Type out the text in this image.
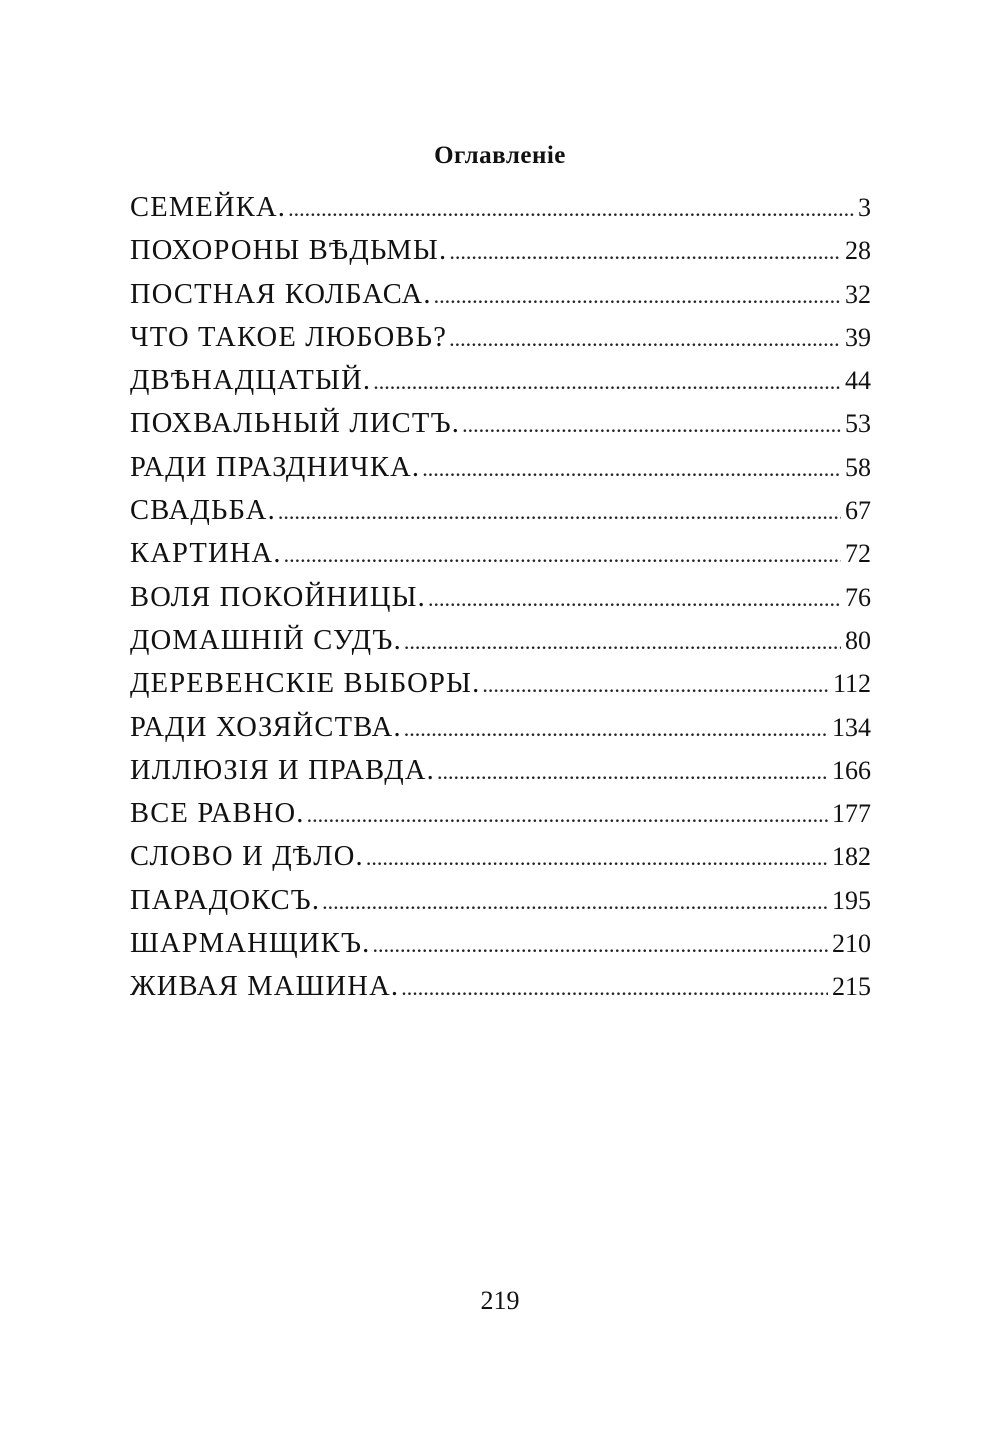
Оглавленiе
СЕМЕЙКА. .....	3
ПОХОРОНЫ ВѢДЬМЫ. .....	28
ПОСТНАЯ КОЛБАСА. .....	32
ЧТО ТАКОЕ ЛЮБОВЬ? .....	39
ДВѢНАДЦАТЫЙ. .....	44
ПОХВАЛЬНЫЙ ЛИСТЪ. .....	53
РАДИ ПРАЗДНИЧКА. .....	58
СВАДЬБА. .....	67
КАРТИНА. .....	72
ВОЛЯ ПОКОЙНИЦЫ. .....	76
ДОМАШНIЙ СУДЪ. .....	80
ДЕРЕВЕНСКIЕ ВЫБОРЫ. .....	112
РАДИ ХОЗЯЙСТВА. .....	134
ИЛЛЮЗIЯ И ПРАВДА. .....	166
ВСЕ РАВНО. .....	177
СЛОВО И ДѢЛО. .....	182
ПАРАДОКСЪ. .....	195
ШАРМАНЩИКЪ. .....	210
ЖИВАЯ МАШИНА. .....	215
219
